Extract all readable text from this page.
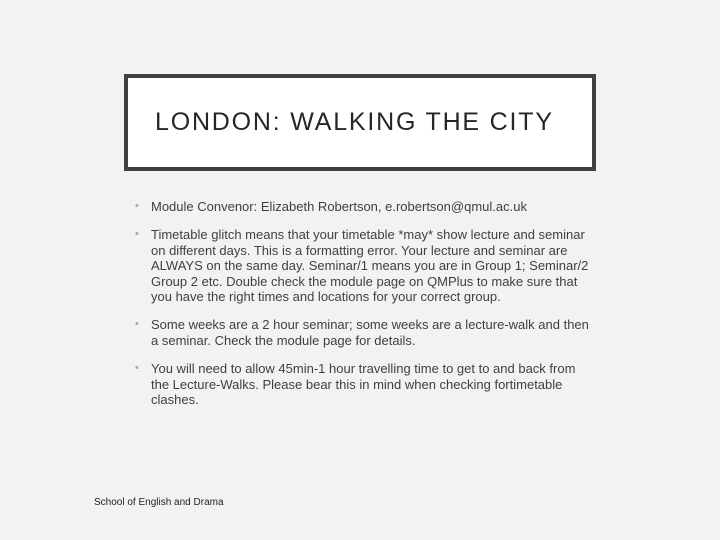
LONDON: WALKING THE CITY
• Module Convenor: Elizabeth Robertson, e.robertson@qmul.ac.uk
• Timetable glitch means that your timetable *may* show lecture and seminar on different days. This is a formatting error. Your lecture and seminar are ALWAYS on the same day. Seminar/1 means you are in Group 1; Seminar/2 Group 2 etc. Double check the module page on QMPlus to make sure that you have the right times and locations for your correct group.
• Some weeks are a 2 hour seminar; some weeks are a lecture-walk and then a seminar. Check the module page for details.
• You will need to allow 45min-1 hour travelling time to get to and back from the Lecture-Walks. Please bear this in mind when checking fortimetable clashes.
School of English and Drama
